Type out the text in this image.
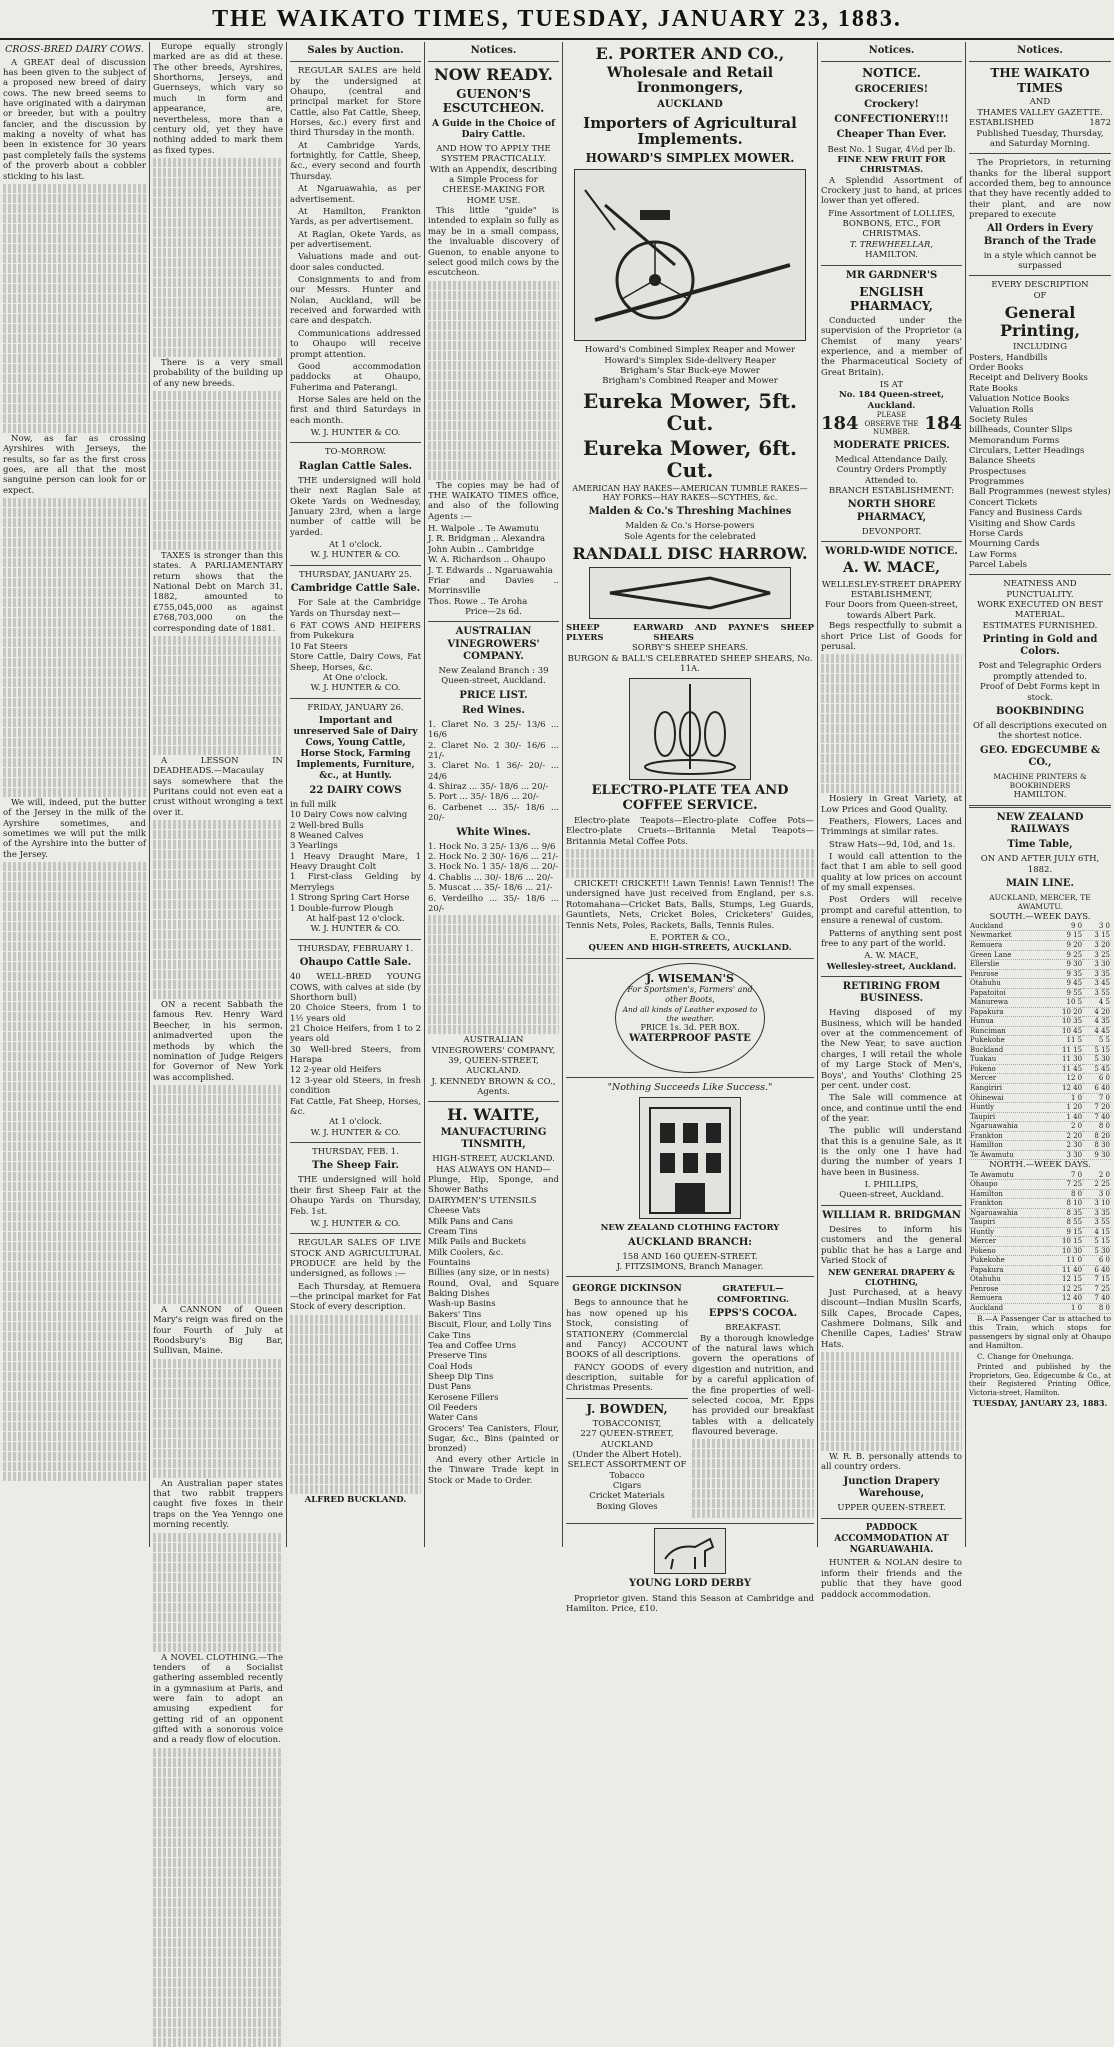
THE WAIKATO TIMES, TUESDAY, JANUARY 23, 1883.
CROSS-BRED DAIRY COWS.

A GREAT deal of discussion has been given to the subject of a proposed new breed of dairy cows. The new breed seems to have originated with a dairyman or breeder, but with a poultry fancier, and the discussion by making a novelty of what has been in existence for 30 years past completely fails the systems of the proverb about a cobbler sticking to his last.

Now, as far as crossing Ayrshires with Jerseys, the results, so far as the first cross goes, are all that the most sanguine person can look for or expect.

We will, indeed, put the butter of the Jersey in the milk of the Ayrshire sometimes, and sometimes we will put the milk of the Ayrshire into the butter of the Jersey.

Europe equally strongly marked are as did at these. The other breeds, Ayrshires, Shorthorns, Jerseys, and Guernseys, which vary so much in form and appearance, are, nevertheless, more than a century old, yet they have nothing added to mark them as fixed types.

There is a very small probability of the building up of any new breeds.

TAXES is stronger than this states. A PARLIAMENTARY return shows that the National Debt on March 31, 1882, amounted to £755,045,000 as against £768,703,000 on the corresponding date of 1881.

A LESSON IN DEADHEADS.—Macaulay says somewhere that the Puritans could not even eat a crust without wronging a text over it.

ON a recent Sabbath the famous Rev. Henry Ward Beecher, in his sermon, animadverted upon the methods by which the nomination of Judge Reigers for Governor of New York was accomplished.

A CANNON of Queen Mary's reign was fired on the four Fourth of July at Roodsbury's Big Bar, Sullivan, Maine.

An Australian paper states that two rabbit trappers caught five foxes in their traps on the Yea Yenngo one morning recently.

A NOVEL CLOTHING.—The tenders of a Socialist gathering assembled recently in a gymnasium at Paris, and were fain to adopt an amusing expedient for getting rid of an opponent gifted with a sonorous voice and a ready flow of elocution.

Sales by Auction.

REGULAR SALES are held by the undersigned at Ohaupo, (central and principal market for Store Cattle, also Fat Cattle, Sheep, Horses, &c.) every first and third Thursday in the month.

At Cambridge Yards, fortnightly, for Cattle, Sheep, &c., every second and fourth Thursday.

At Ngaruawahia, as per advertisement.

At Hamilton, Frankton Yards, as per advertisement.

At Raglan, Okete Yards, as per advertisement.

Valuations made and out-door sales conducted.

Consignments to and from our Messrs. Hunter and Nolan, Auckland, will be received and forwarded with care and despatch.

Communications addressed to Ohaupo will receive prompt attention.

Good accommodation paddocks at Ohaupo, Fuherima and Paterangi.

Horse Sales are held on the first and third Saturdays in each month.

W. J. HUNTER & CO.
TO-MORROW.
Raglan Cattle Sales.

THE undersigned will hold their next Raglan Sale at Okete Yards on Wednesday, January 23rd, when a large number of cattle will be yarded.

At 1 o'clock.
W. J. HUNTER & CO.
THURSDAY, JANUARY 25.
Cambridge Cattle Sale.

For Sale at the Cambridge Yards on Thursday next—

6 FAT COWS AND HEIFERS from Pukekura
10 Fat Steers
Store Cattle, Dairy Cows, Fat Sheep, Horses, &c.
At One o'clock.
W. J. HUNTER & CO.
FRIDAY, JANUARY 26.
Important and unreserved Sale of Dairy Cows, Young Cattle, Horse Stock, Farming Implements, Furniture, &c., at Huntly.
22 DAIRY COWS
in full milk
10 Dairy Cows now calving
2 Well-bred Bulls
8 Weaned Calves
3 Yearlings
1 Heavy Draught Mare, 1 Heavy Draught Colt
1 First-class Gelding by Merrylegs
1 Strong Spring Cart Horse
1 Double-furrow Plough
At half-past 12 o'clock.
W. J. HUNTER & CO.
THURSDAY, FEBRUARY 1.
Ohaupo Cattle Sale.
40 WELL-BRED YOUNG COWS, with calves at side (by Shorthorn bull)
20 Choice Steers, from 1 to 1½ years old
21 Choice Heifers, from 1 to 2 years old
30 Well-bred Steers, from Harapa
12 2-year old Heifers
12 3-year old Steers, in fresh condition
Fat Cattle, Fat Sheep, Horses, &c.
At 1 o'clock.
W. J. HUNTER & CO.
THURSDAY, FEB. 1.
The Sheep Fair.

THE undersigned will hold their first Sheep Fair at the Ohaupo Yards on Thursday, Feb. 1st.

W. J. HUNTER & CO.

REGULAR SALES OF LIVE STOCK AND AGRICULTURAL PRODUCE are held by the undersigned, as follows :—

Each Thursday, at Remuera—the principal market for Fat Stock of every description.

ALFRED BUCKLAND.
Notices.
NOW READY.
GUENON'S ESCUTCHEON.
A Guide in the Choice of Dairy Cattle.
AND HOW TO APPLY THE SYSTEM PRACTICALLY.
With an Appendix, describing a Simple Process for
CHEESE-MAKING FOR HOME USE.

This little "guide" is intended to explain so fully as may be in a small compass, the invaluable discovery of Guenon, to enable anyone to select good milch cows by the escutcheon.

The copies may be had of THE WAIKATO TIMES office, and also of the following Agents :—

H. Walpole .. Te Awamutu
J. R. Bridgman .. Alexandra
John Aubin .. Cambridge
W. A. Richardson .. Ohaupo
J. T. Edwards .. Ngaruawahia
Friar and Davies .. Morrinsville
Thos. Rowe .. Te Aroha
Price—2s 6d.
AUSTRALIAN VINEGROWERS' COMPANY.
New Zealand Branch : 39 Queen-street, Auckland.
PRICE LIST.
Red Wines.
1. Claret No. 3 25/- 13/6 ... 16/6
2. Claret No. 2 30/- 16/6 ... 21/-
3. Claret No. 1 36/- 20/- ... 24/6
4. Shiraz ... 35/- 18/6 ... 20/-
5. Port ... 35/- 18/6 ... 20/-
6. Carbenet ... 35/- 18/6 ... 20/-
White Wines.
1. Hock No. 3 25/- 13/6 ... 9/6
2. Hock No. 2 30/- 16/6 ... 21/-
3. Hock No. 1 35/- 18/6 ... 20/-
4. Chablis ... 30/- 18/6 ... 20/-
5. Muscat ... 35/- 18/6 ... 21/-
6. Verdeilho ... 35/- 18/6 ... 20/-
AUSTRALIAN VINEGROWERS' COMPANY,
39, QUEEN-STREET, AUCKLAND.
J. KENNEDY BROWN & CO., Agents.
H. WAITE,
MANUFACTURING TINSMITH,
HIGH-STREET, AUCKLAND.
HAS ALWAYS ON HAND—
Plunge, Hip, Sponge, and Shower Baths
DAIRYMEN'S UTENSILS
Cheese Vats
Milk Pans and Cans
Cream Tins
Milk Pails and Buckets
Milk Coolers, &c.
Fountains
Billies (any size, or in nests)
Round, Oval, and Square Baking Dishes
Wash-up Basins
Bakers' Tins
Biscuit, Flour, and Lolly Tins
Cake Tins
Tea and Coffee Urns
Preserve Tins
Coal Hods
Sheep Dip Tins
Dust Pans
Kerosene Fillers
Oil Feeders
Water Cans
Grocers' Tea Canisters, Flour, Sugar, &c., Bins (painted or bronzed)

And every other Article in the Tinware Trade kept in Stock or Made to Order.

E. PORTER AND CO.,
Wholesale and Retail Ironmongers,
AUCKLAND
Importers of Agricultural Implements.
HOWARD'S SIMPLEX MOWER.
Howard's Combined Simplex Reaper and Mower
Howard's Simplex Side-delivery Reaper
Brigham's Star Buck-eye Mower
Brigham's Combined Reaper and Mower
Eureka Mower, 5ft. Cut.
Eureka Mower, 6ft. Cut.
AMERICAN HAY RAKES—AMERICAN TUMBLE RAKES—HAY FORKS—HAY RAKES—SCYTHES, &c.
Malden & Co.'s Threshing Machines
Malden & Co.'s Horse-powers
Sole Agents for the celebrated
RANDALL DISC HARROW.
SHEEP EAR PLYERS
WARD AND PAYNE'S SHEEP SHEARS
SORBY'S SHEEP SHEARS.
BURGON & BALL'S CELEBRATED SHEEP SHEARS, No. 11A.
ELECTRO-PLATE TEA AND COFFEE SERVICE.

Electro-plate Teapots—Electro-plate Coffee Pots—Electro-plate Cruets—Britannia Metal Teapots—Britannia Metal Coffee Pots.

CRICKET! CRICKET!! Lawn Tennis! Lawn Tennis!! The undersigned have just received from England, per s.s. Rotomahana—Cricket Bats, Balls, Stumps, Leg Guards, Gauntlets, Nets, Cricket Boles, Cricketers' Guides, Tennis Nets, Poles, Rackets, Balls, Tennis Rules.

E. PORTER & CO.,
QUEEN AND HIGH-STREETS, AUCKLAND.
J. WISEMAN'S
For Sportsmen's, Farmers' and other Boots,
And all kinds of Leather exposed to the weather.
PRICE 1s. 3d. PER BOX.
WATERPROOF PASTE
"Nothing Succeeds Like Success."
NEW ZEALAND CLOTHING FACTORY
AUCKLAND BRANCH:
158 AND 160 QUEEN-STREET.
J. FITZSIMONS, Branch Manager.
GEORGE DICKINSON

Begs to announce that he has now opened up his Stock, consisting of STATIONERY (Commercial and Fancy) ACCOUNT BOOKS of all descriptions.

FANCY GOODS of every description, suitable for Christmas Presents.

J. BOWDEN,
TOBACCONIST,
227 QUEEN-STREET, AUCKLAND
(Under the Albert Hotel).
SELECT ASSORTMENT OF
Tobacco
Cigars
Cricket Materials
Boxing Gloves
GRATEFUL—COMFORTING.
EPPS'S COCOA.
BREAKFAST.

By a thorough knowledge of the natural laws which govern the operations of digestion and nutrition, and by a careful application of the fine properties of well-selected cocoa, Mr. Epps has provided our breakfast tables with a delicately flavoured beverage.

YOUNG LORD DERBY

Proprietor given. Stand this Season at Cambridge and Hamilton. Price, £10.

Notices.
NOTICE.
GROCERIES!
Crockery!
CONFECTIONERY!!!
Cheaper Than Ever.
Best No. 1 Sugar, 4½d per lb.
FINE NEW FRUIT FOR CHRISTMAS.

A Splendid Assortment of Crockery just to hand, at prices lower than yet offered.

Fine Assortment of LOLLIES, BONBONS, ETC., FOR CHRISTMAS.
T. TREWHEELLAR,
HAMILTON.
MR GARDNER'S
ENGLISH PHARMACY,

Conducted under the supervision of the Proprietor (a Chemist of many years' experience, and a member of the Pharmaceutical Society of Great Britain).

IS AT
No. 184 Queen-street, Auckland.
184	PLEASE OBSERVE THE NUMBER. 184
MODERATE PRICES.
Medical Attendance Daily. Country Orders Promptly Attended to.
BRANCH ESTABLISHMENT:
NORTH SHORE PHARMACY,
DEVONPORT.
WORLD-WIDE NOTICE.
A. W. MACE,
WELLESLEY-STREET DRAPERY ESTABLISHMENT,
Four Doors from Queen-street, towards Albert Park.

Begs respectfully to submit a short Price List of Goods for perusal.

Hosiery in Great Variety, at Low Prices and Good Quality.

Feathers, Flowers, Laces and Trimmings at similar rates.

Straw Hats—9d, 10d, and 1s.

I would call attention to the fact that I am able to sell good quality at low prices on account of my small expenses.

Post Orders will receive prompt and careful attention, to ensure a renewal of custom.

Patterns of anything sent post free to any part of the world.

A. W. MACE,
Wellesley-street, Auckland.
RETIRING FROM BUSINESS.

Having disposed of my Business, which will be handed over at the commencement of the New Year, to save auction charges, I will retail the whole of my Large Stock of Men's, Boys', and Youths' Clothing 25 per cent. under cost.

The Sale will commence at once, and continue until the end of the year.

The public will understand that this is a genuine Sale, as it is the only one I have had during the number of years I have been in Business.

I. PHILLIPS,
Queen-street, Auckland.
WILLIAM R. BRIDGMAN

Desires to inform his customers and the general public that he has a Large and Varied Stock of

NEW GENERAL DRAPERY & CLOTHING,

Just Purchased, at a heavy discount—Indian Muslin Scarfs, Silk Capes, Brocade Capes, Cashmere Dolmans, Silk and Chenille Capes, Ladies' Straw Hats.

W. R. B. personally attends to all country orders.

Junction Drapery Warehouse,
UPPER QUEEN-STREET.
PADDOCK ACCOMMODATION AT NGARUAWAHIA.

HUNTER & NOLAN desire to inform their friends and the public that they have good paddock accommodation.

Notices.
THE WAIKATO TIMES
AND
THAMES VALLEY GAZETTE.
ESTABLISHED	1872
Published Tuesday, Thursday, and Saturday Morning.

The Proprietors, in returning thanks for the liberal support accorded them, beg to announce that they have recently added to their plant, and are now prepared to execute

All Orders in Every Branch of the Trade
in a style which cannot be surpassed
EVERY DESCRIPTION
OF
General Printing,
INCLUDING
Posters, Handbills
Order Books
Receipt and Delivery Books
Rate Books
Valuation Notice Books
Valuation Rolls
Society Rules
billheads, Counter Slips
Memorandum Forms
Circulars, Letter Headings
Balance Sheets
Prospectuses
Programmes
Ball Programmes (newest styles)
Concert Tickets
Fancy and Business Cards
Visiting and Show Cards
Horse Cards
Mourning Cards
Law Forms
Parcel Labels
NEATNESS AND PUNCTUALITY.
WORK EXECUTED ON BEST MATERIAL.
ESTIMATES FURNISHED.
Printing in Gold and Colors.
Post and Telegraphic Orders promptly attended to.
Proof of Debt Forms kept in stock.
BOOKBINDING
Of all descriptions executed on the shortest notice.
GEO. EDGECUMBE & CO.,
MACHINE PRINTERS & BOOKBINDERS
HAMILTON.
NEW ZEALAND RAILWAYS
Time Table,
ON AND AFTER JULY 6TH, 1882.
MAIN LINE.
AUCKLAND, MERCER, TE AWAMUTU.
SOUTH.—WEEK DAYS.
Auckland	9 0	3 0
Newmarket	9 15	3 15
Remuera	9 20	3 20
Green Lane	9 25	3 25
Ellerslie	9 30	3 30
Penrose	9 35	3 35
Otahuhu	9 45	3 45
Papatoitoi	9 55	3 55
Manurewa	10 5	4 5
Papakura	10 20	4 20
Hunua	10 35	4 35
Runciman	10 45	4 45
Pukekohe	11 5	5 5
Buckland	11 15	5 15
Tuakau	11 30	5 30
Pokeno	11 45	5 45
Mercer	12 0	6 0
Rangiriri	12 40	6 40
Ohinewai	1 0	7 0
Huntly	1 20	7 20
Taupiri	1 40	7 40
Ngaruawahia	2 0	8 0
Frankton	2 20	8 20
Hamilton	2 30	8 30
Te Awamutu	3 30	9 30
NORTH.—WEEK DAYS.
Te Awamutu	7 0	2 0
Ohaupo	7 25	2 25
Hamilton	8 0	3 0
Frankton	8 10	3 10
Ngaruawahia	8 35	3 35
Taupiri	8 55	3 55
Huntly	9 15	4 15
Mercer	10 15	5 15
Pokeno	10 30	5 30
Pukekohe	11 0	6 0
Papakura	11 40	6 40
Otahuhu	12 15	7 15
Penrose	12 25	7 25
Remuera	12 40	7 40
Auckland	1 0	8 0

B.—A Passenger Car is attached to this Train, which stops for passengers by signal only at Ohaupo and Hamilton.

C. Change for Onehunga.

Printed and published by the Proprietors, Geo. Edgecumbe & Co., at their Registered Printing Office, Victoria-street, Hamilton.

TUESDAY, JANUARY 23, 1883.
